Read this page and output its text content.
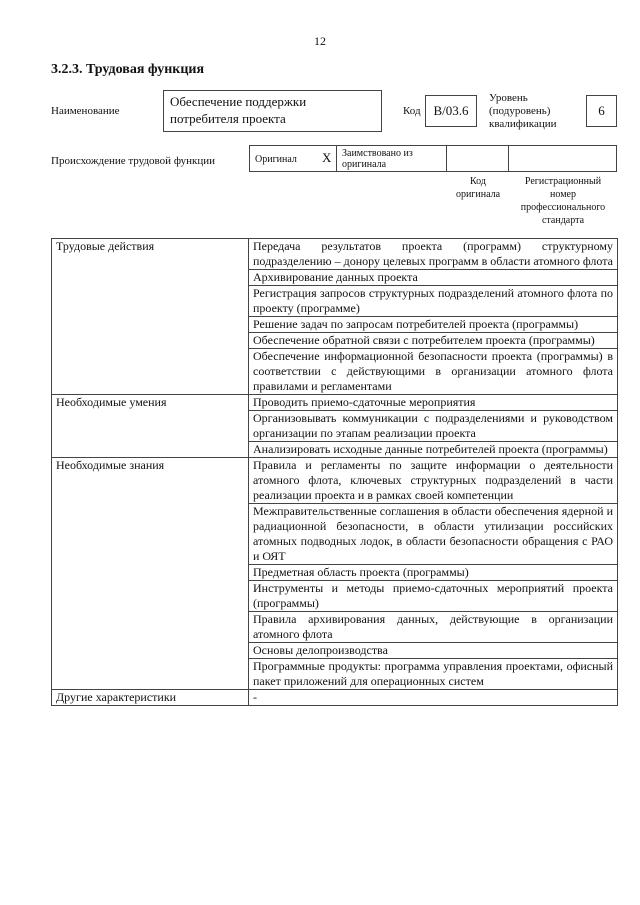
12
3.2.3. Трудовая функция
Наименование
Обеспечение поддержки потребителя проекта	Код B/03.6
Уровень (подуровень) квалификации
6
Происхождение трудовой функции	Оригинал X Заимствовано из оригинала
Код оригинала
Регистрационный номер профессионального стандарта
Трудовые действия	Передача результатов проекта (программ) структурному подразделению – донору целевых программ в области атомного флота
	Архивирование данных проекта
	Регистрация запросов структурных подразделений атомного флота по проекту (программе)
	Решение задач по запросам потребителей проекта (программы)
	Обеспечение обратной связи с потребителем проекта (программы)
	Обеспечение информационной безопасности проекта (программы) в соответствии с действующими в организации атомного флота правилами и регламентами
Необходимые умения	Проводить приемо-сдаточные мероприятия
	Организовывать коммуникации с подразделениями и руководством организации по этапам реализации проекта
	Анализировать исходные данные потребителей проекта (программы)
Необходимые знания	Правила и регламенты по защите информации о деятельности атомного флота, ключевых структурных подразделений в части реализации проекта и в рамках своей компетенции
	Межправительственные соглашения в области обеспечения ядерной и радиационной безопасности, в области утилизации российских атомных подводных лодок, в области безопасности обращения с РАО и ОЯТ
	Предметная область проекта (программы)
	Инструменты и методы приемо-сдаточных мероприятий проекта (программы)
	Правила архивирования данных, действующие в организации атомного флота
	Основы делопроизводства
	Программные продукты: программа управления проектами, офисный пакет приложений для операционных систем
Другие характеристики	-
